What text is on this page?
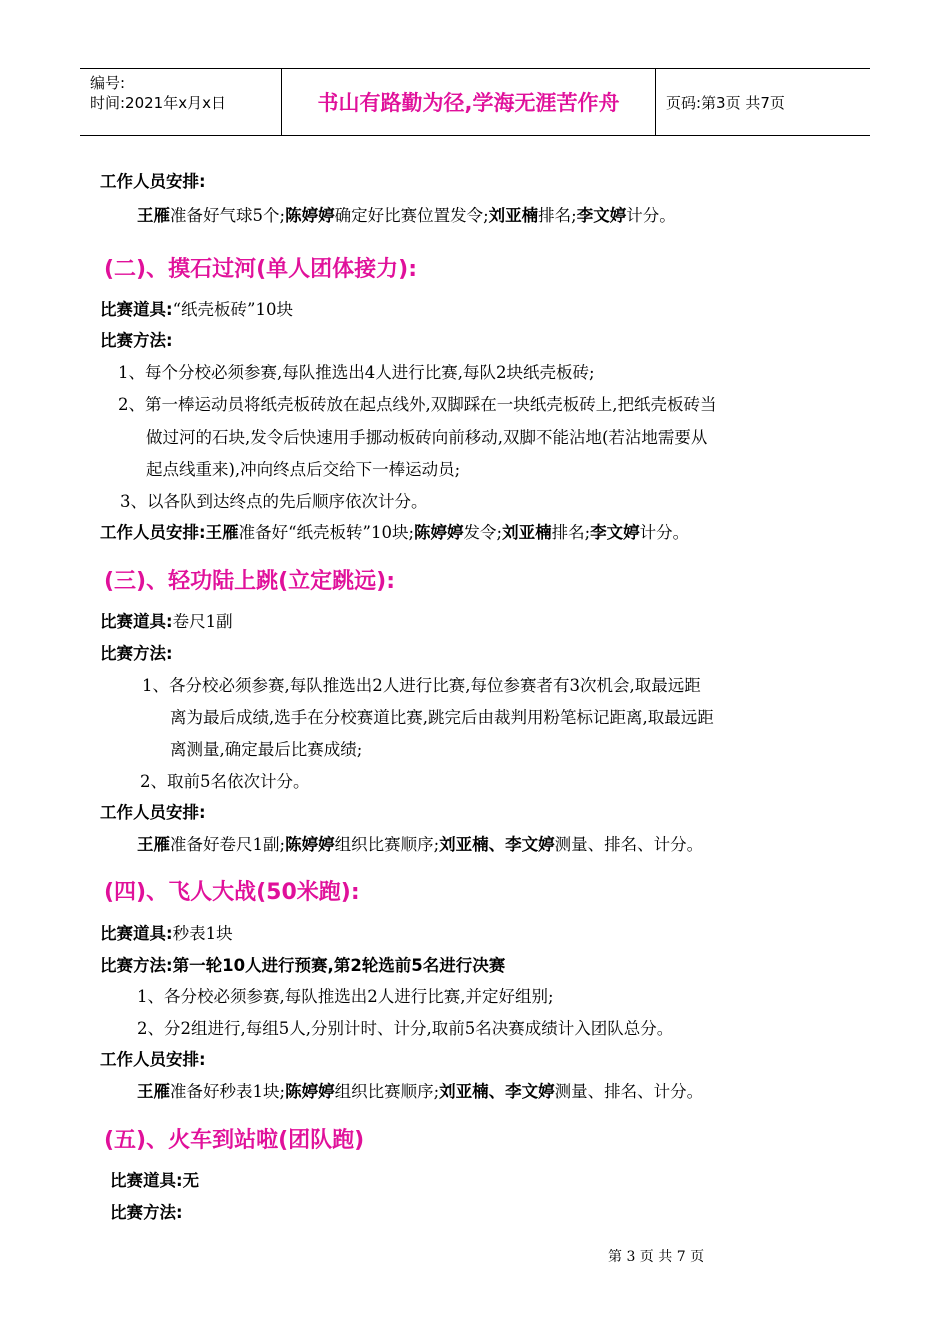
编号:
时间:2021年x月x日	书山有路勤为径,学海无涯苦作舟	页码:第3页 共7页
工作人员安排:
王雁准备好气球5个;陈婷婷确定好比赛位置发令;刘亚楠排名;李文婷计分。
(二)、摸石过河(单人团体接力):
比赛道具:“纸壳板砖”10块
比赛方法:
1、每个分校必须参赛,每队推选出4人进行比赛,每队2块纸壳板砖;
2、第一棒运动员将纸壳板砖放在起点线外,双脚踩在一块纸壳板砖上,把纸壳板砖当
做过河的石块,发令后快速用手挪动板砖向前移动,双脚不能沾地(若沾地需要从
起点线重来),冲向终点后交给下一棒运动员;
3、以各队到达终点的先后顺序依次计分。
工作人员安排:王雁准备好“纸壳板转”10块;陈婷婷发令;刘亚楠排名;李文婷计分。
(三)、轻功陆上跳(立定跳远):
比赛道具:卷尺1副
比赛方法:
1、各分校必须参赛,每队推选出2人进行比赛,每位参赛者有3次机会,取最远距
离为最后成绩,选手在分校赛道比赛,跳完后由裁判用粉笔标记距离,取最远距
离测量,确定最后比赛成绩;
2、取前5名依次计分。
工作人员安排:
王雁准备好卷尺1副;陈婷婷组织比赛顺序;刘亚楠、李文婷测量、排名、计分。
(四)、飞人大战(50米跑):
比赛道具:秒表1块
比赛方法:第一轮10人进行预赛,第2轮选前5名进行决赛
1、各分校必须参赛,每队推选出2人进行比赛,并定好组别;
2、分2组进行,每组5人,分别计时、计分,取前5名决赛成绩计入团队总分。
工作人员安排:
王雁准备好秒表1块;陈婷婷组织比赛顺序;刘亚楠、李文婷测量、排名、计分。
(五)、火车到站啦(团队跑)
比赛道具:无
比赛方法:
第 3 页 共 7 页
